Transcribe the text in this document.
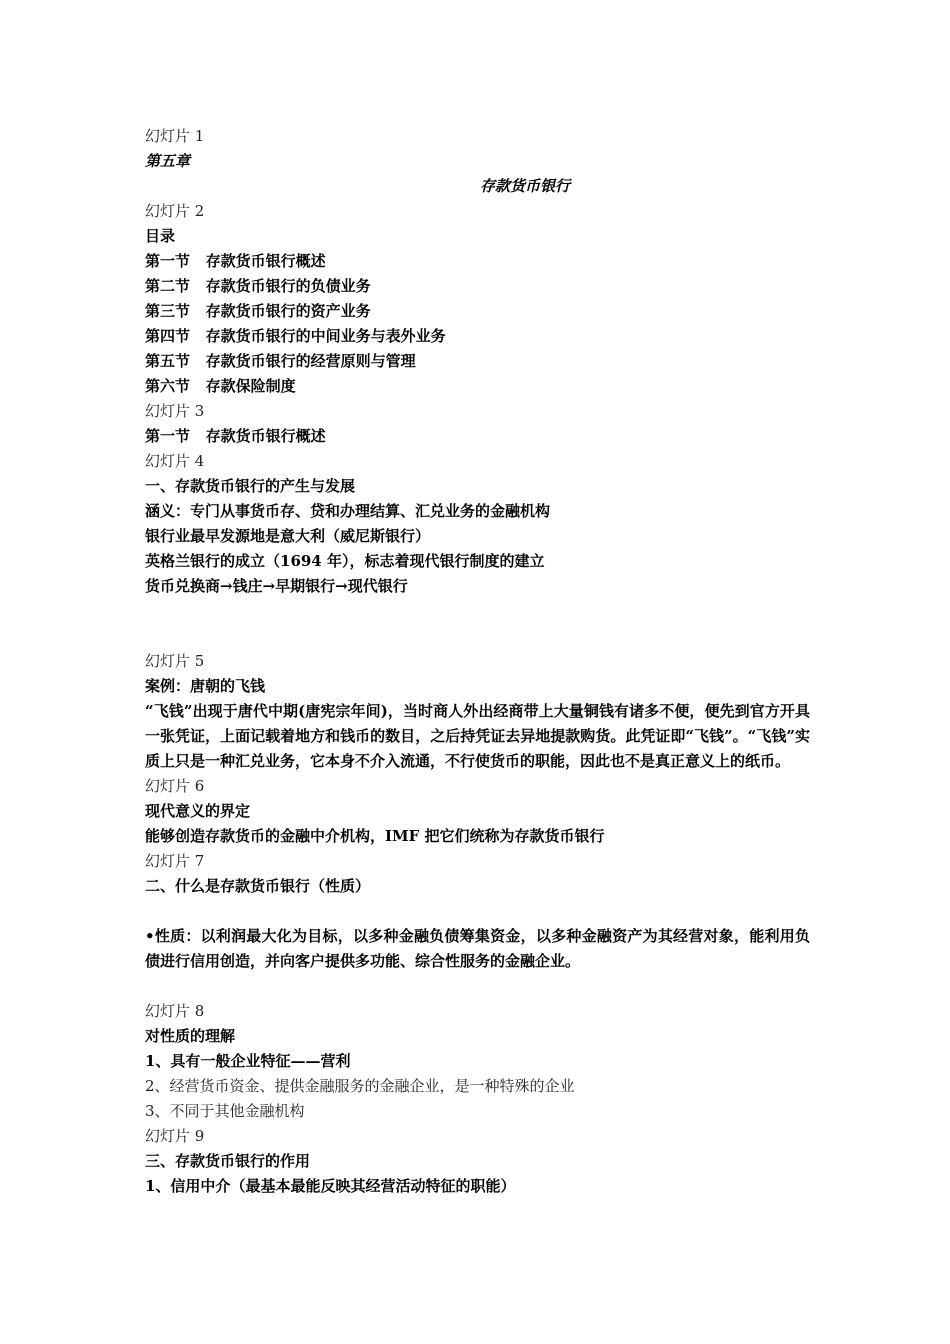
幻灯片 1
第五章
存款货币银行
幻灯片 2
目录
第一节   存款货币银行概述
第二节   存款货币银行的负债业务
第三节   存款货币银行的资产业务
第四节   存款货币银行的中间业务与表外业务
第五节   存款货币银行的经营原则与管理
第六节   存款保险制度
幻灯片 3
第一节   存款货币银行概述
幻灯片 4
一、存款货币银行的产生与发展
涵义：专门从事货币存、贷和办理结算、汇兑业务的金融机构
银行业最早发源地是意大利（威尼斯银行）
英格兰银行的成立（1694 年），标志着现代银行制度的建立
货币兑换商→钱庄→早期银行→现代银行
幻灯片 5
案例：唐朝的飞钱
“飞钱”出现于唐代中期(唐宪宗年间)，当时商人外出经商带上大量铜钱有诸多不便，便先到官方开具一张凭证，上面记载着地方和钱币的数目，之后持凭证去异地提款购货。此凭证即“飞钱”。“飞钱”实质上只是一种汇兑业务，它本身不介入流通，不行使货币的职能，因此也不是真正意义上的纸币。
幻灯片 6
现代意义的界定
能够创造存款货币的金融中介机构，IMF 把它们统称为存款货币银行
幻灯片 7
二、什么是存款货币银行（性质）
•性质：以利润最大化为目标，以多种金融负债筹集资金，以多种金融资产为其经营对象，能利用负债进行信用创造，并向客户提供多功能、综合性服务的金融企业。
幻灯片 8
对性质的理解
1、具有一般企业特征——营利
2、经营货币资金、提供金融服务的金融企业，是一种特殊的企业
3、不同于其他金融机构
幻灯片 9
三、存款货币银行的作用
1、信用中介（最基本最能反映其经营活动特征的职能）
